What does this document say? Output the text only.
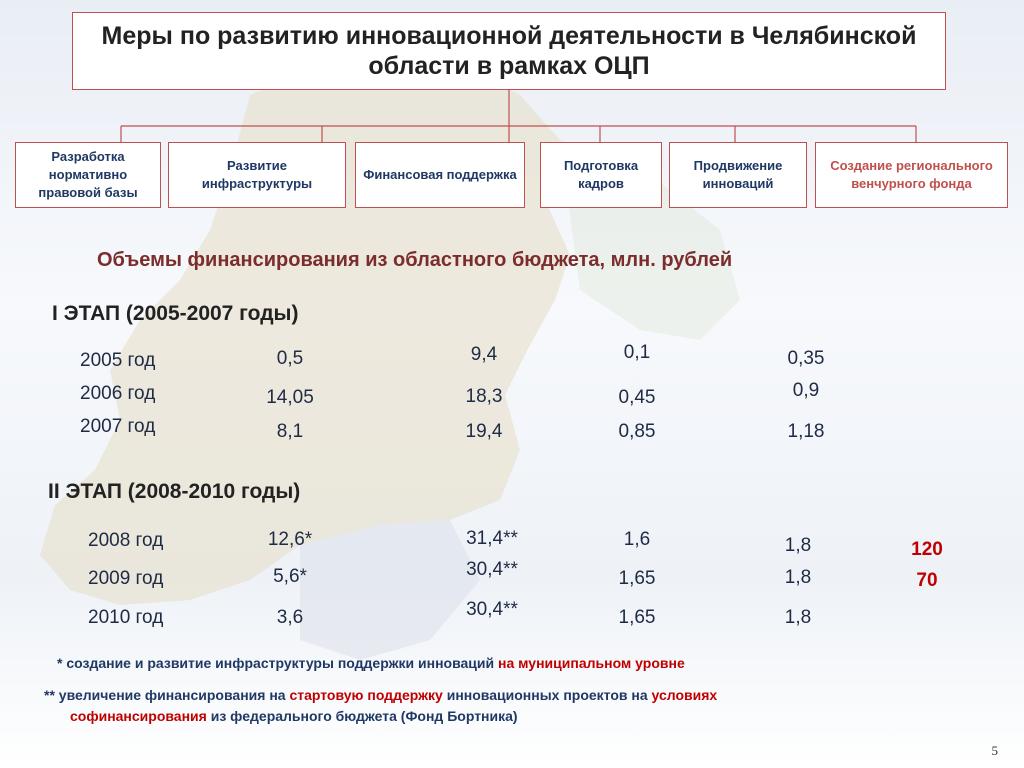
Меры по развитию инновационной деятельности в Челябинской области в рамках ОЦП
Разработка нормативно правовой базы
Развитие инфраструктуры
Финансовая поддержка
Подготовка кадров
Продвижение инноваций
Создание регионального венчурного фонда
Объемы финансирования из областного бюджета, млн. рублей
I ЭТАП (2005-2007 годы)
2005 год
2006 год
2007 год
0,5
14,05
8,1
9,4
18,3
19,4
0,1
0,45
0,85
0,35
0,9
1,18
II ЭТАП (2008-2010 годы)
2008 год
2009 год
2010 год
12,6*
5,6*
3,6
31,4**
30,4**
30,4**
1,6
1,65
1,65
1,8
1,8
1,8
120
70
* создание и развитие инфраструктуры поддержки инноваций на муниципальном уровне
** увеличение финансирования на стартовую поддержку инновационных проектов на условиях
софинансирования из федерального бюджета (Фонд Бортника)
5
